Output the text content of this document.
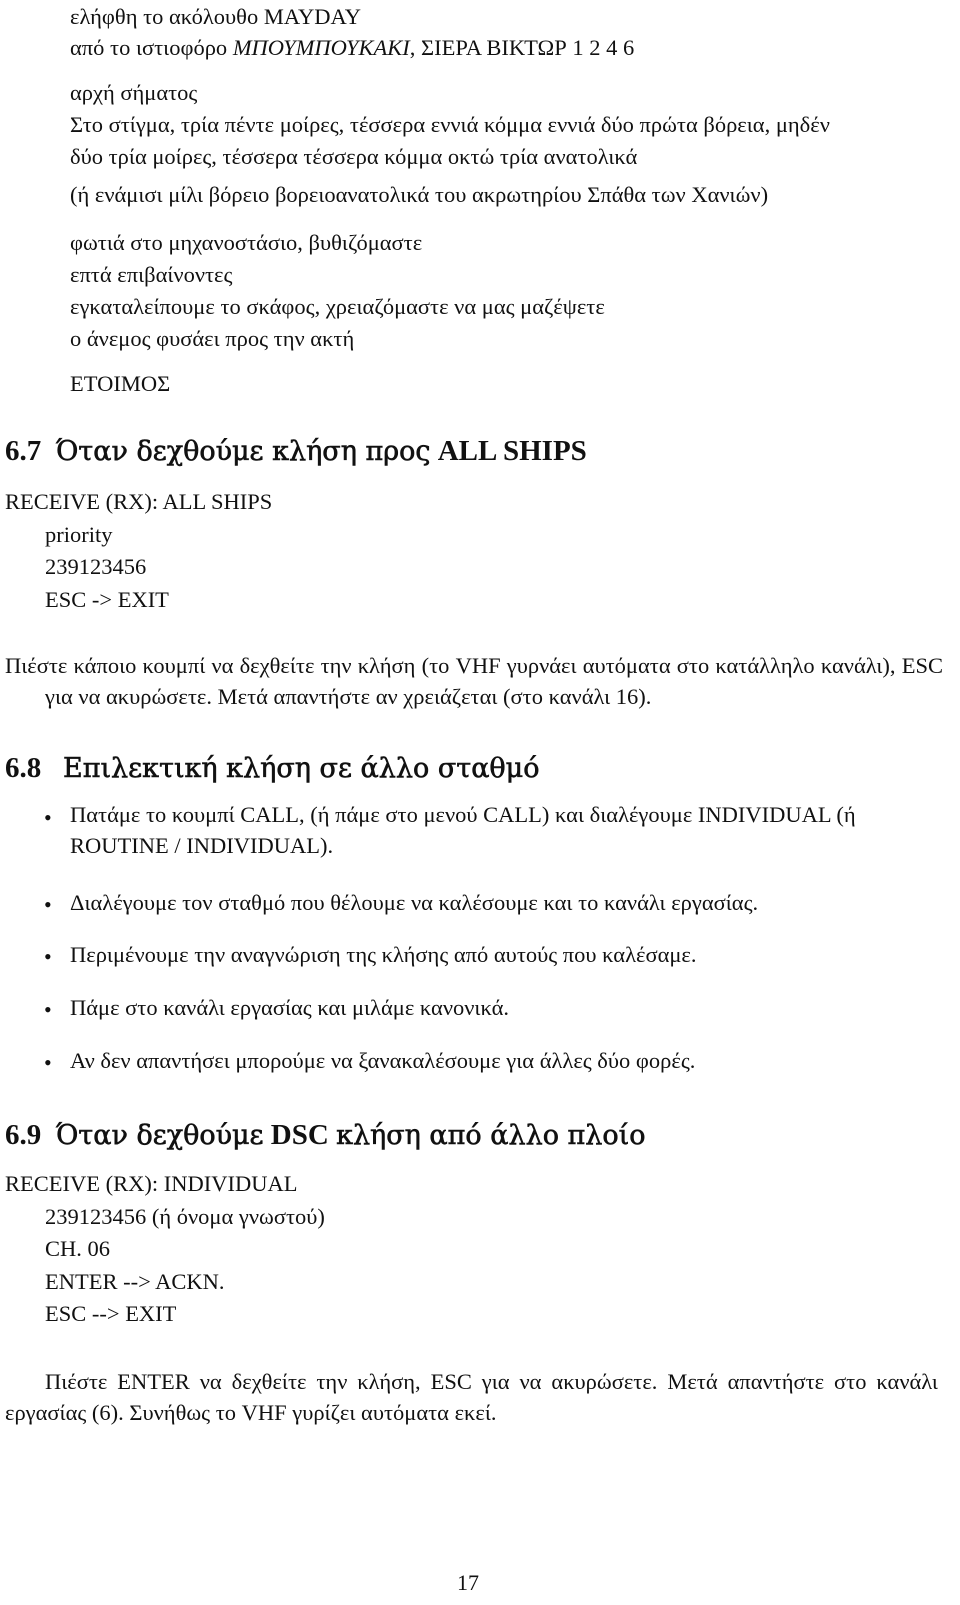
ελήφθη το ακόλουθο MAYDAY
από το ιστιοφόρο ΜΠΟΥΜΠΟΥΚΑΚΙ, ΣΙΕΡΑ ΒΙΚΤΩΡ 1 2 4 6
αρχή σήματος
Στο στίγμα, τρία πέντε μοίρες, τέσσερα εννιά κόμμα εννιά δύο πρώτα βόρεια, μηδέν
δύο τρία μοίρες, τέσσερα τέσσερα κόμμα οκτώ τρία ανατολικά
(ή ενάμισι μίλι βόρειο βορειοανατολικά του ακρωτηρίου Σπάθα των Χανιών)
φωτιά στο μηχανοστάσιο, βυθιζόμαστε
επτά επιβαίνοντες
εγκαταλείπουμε το σκάφος, χρειαζόμαστε να μας μαζέψετε
ο άνεμος φυσάει προς την ακτή
ΕΤΟΙΜΟΣ
6.7 Όταν δεχθούμε κλήση προς ALL SHIPS
RECEIVE (RX): ALL SHIPS
priority
239123456
ESC -> EXIT
Πιέστε κάποιο κουμπί να δεχθείτε την κλήση (το VHF γυρνάει αυτόματα στο κατάλληλο κανάλι), ESC για να ακυρώσετε. Μετά απαντήστε αν χρειάζεται (στο κανάλι 16).
6.8 Επιλεκτική κλήση σε άλλο σταθμό
• Πατάμε το κουμπί CALL, (ή πάμε στο μενού CALL) και διαλέγουμε INDIVIDUAL (ή ROUTINE / INDIVIDUAL).
• Διαλέγουμε τον σταθμό που θέλουμε να καλέσουμε και το κανάλι εργασίας.
• Περιμένουμε την αναγνώριση της κλήσης από αυτούς που καλέσαμε.
• Πάμε στο κανάλι εργασίας και μιλάμε κανονικά.
• Αν δεν απαντήσει μπορούμε να ξανακαλέσουμε για άλλες δύο φορές.
6.9 Όταν δεχθούμε DSC κλήση από άλλο πλοίο
RECEIVE (RX): INDIVIDUAL
239123456 (ή όνομα γνωστού)
CH. 06
ENTER --> ACKN.
ESC --> EXIT
Πιέστε ENTER να δεχθείτε την κλήση, ESC για να ακυρώσετε. Μετά απαντήστε στο κανάλι εργασίας (6). Συνήθως το VHF γυρίζει αυτόματα εκεί.
17
